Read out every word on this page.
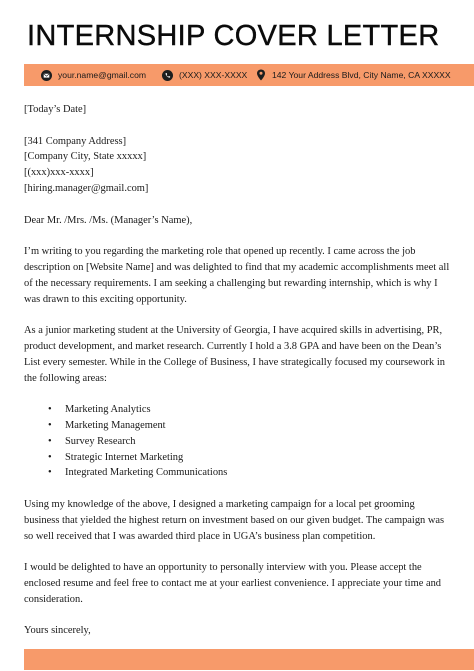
INTERNSHIP COVER LETTER
your.name@gmail.com	(XXX) XXX-XXXX	142 Your Address Blvd, City Name, CA XXXXX

[Today’s Date]

[341 Company Address]

[Company City, State xxxxx]

[(xxx)xxx-xxxx]

[hiring.manager@gmail.com]

Dear Mr. /Mrs. /Ms. (Manager’s Name),

I’m writing to you regarding the marketing role that opened up recently. I came across the job description on [Website Name] and was delighted to find that my academic accomplishments meet all of the necessary requirements. I am seeking a challenging but rewarding internship, which is why I was drawn to this exciting opportunity.

As a junior marketing student at the University of Georgia, I have acquired skills in advertising, PR, product development, and market research. Currently I hold a 3.8 GPA and have been on the Dean’s List every semester. While in the College of Business, I have strategically focused my coursework in the following areas:

• Marketing Analytics
• Marketing Management
• Survey Research
• Strategic Internet Marketing
• Integrated Marketing Communications

Using my knowledge of the above, I designed a marketing campaign for a local pet grooming business that yielded the highest return on investment based on our given budget. The campaign was so well received that I was awarded third place in UGA’s business plan competition.

I would be delighted to have an opportunity to personally interview with you. Please accept the enclosed resume and feel free to contact me at your earliest convenience. I appreciate your time and consideration.

Yours sincerely,
